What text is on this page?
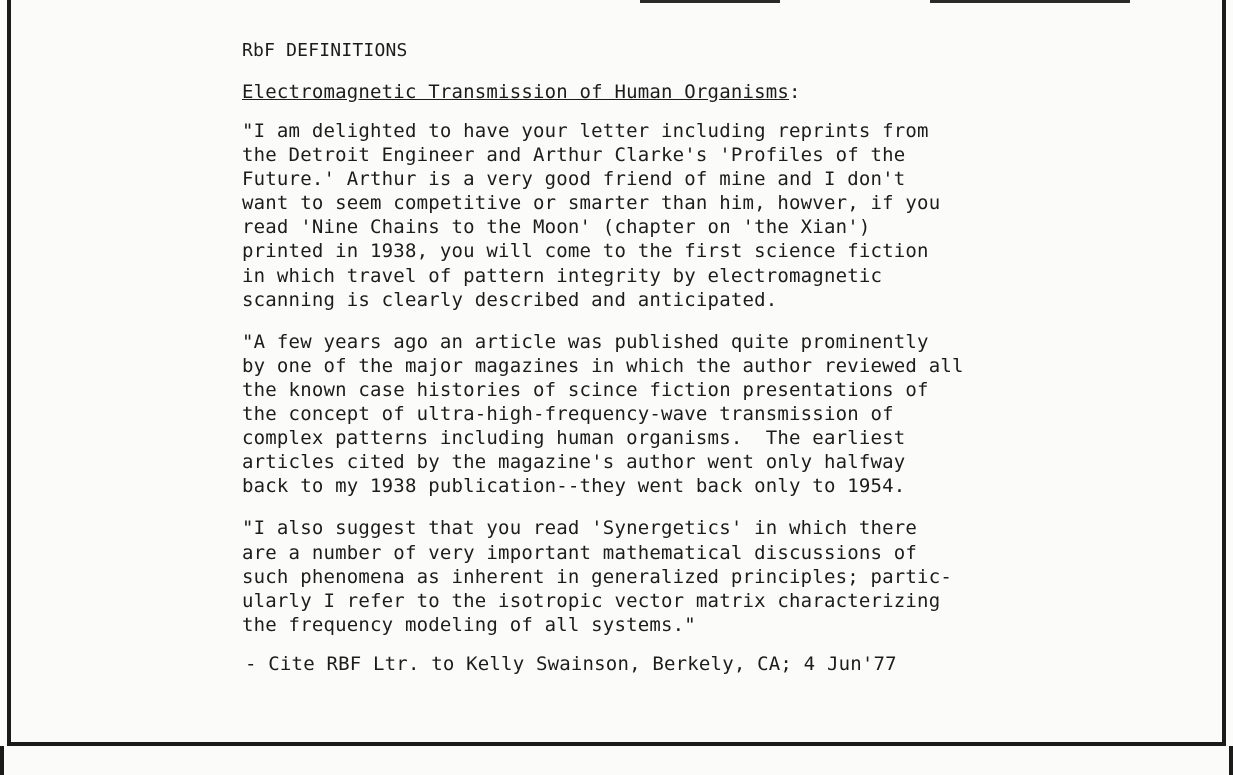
RbF DEFINITIONS
Electromagnetic Transmission of Human Organisms:
"I am delighted to have your letter including reprints from
the Detroit Engineer and Arthur Clarke's 'Profiles of the
Future.' Arthur is a very good friend of mine and I don't
want to seem competitive or smarter than him, howver, if you
read 'Nine Chains to the Moon' (chapter on 'the Xian')
printed in 1938, you will come to the first science fiction
in which travel of pattern integrity by electromagnetic
scanning is clearly described and anticipated.
"A few years ago an article was published quite prominently
by one of the major magazines in which the author reviewed all
the known case histories of scince fiction presentations of
the concept of ultra-high-frequency-wave transmission of
complex patterns including human organisms.  The earliest
articles cited by the magazine's author went only halfway
back to my 1938 publication--they went back only to 1954.
"I also suggest that you read 'Synergetics' in which there
are a number of very important mathematical discussions of
such phenomena as inherent in generalized principles; partic-
ularly I refer to the isotropic vector matrix characterizing
the frequency modeling of all systems."
- Cite RBF Ltr. to Kelly Swainson, Berkely, CA; 4 Jun'77
